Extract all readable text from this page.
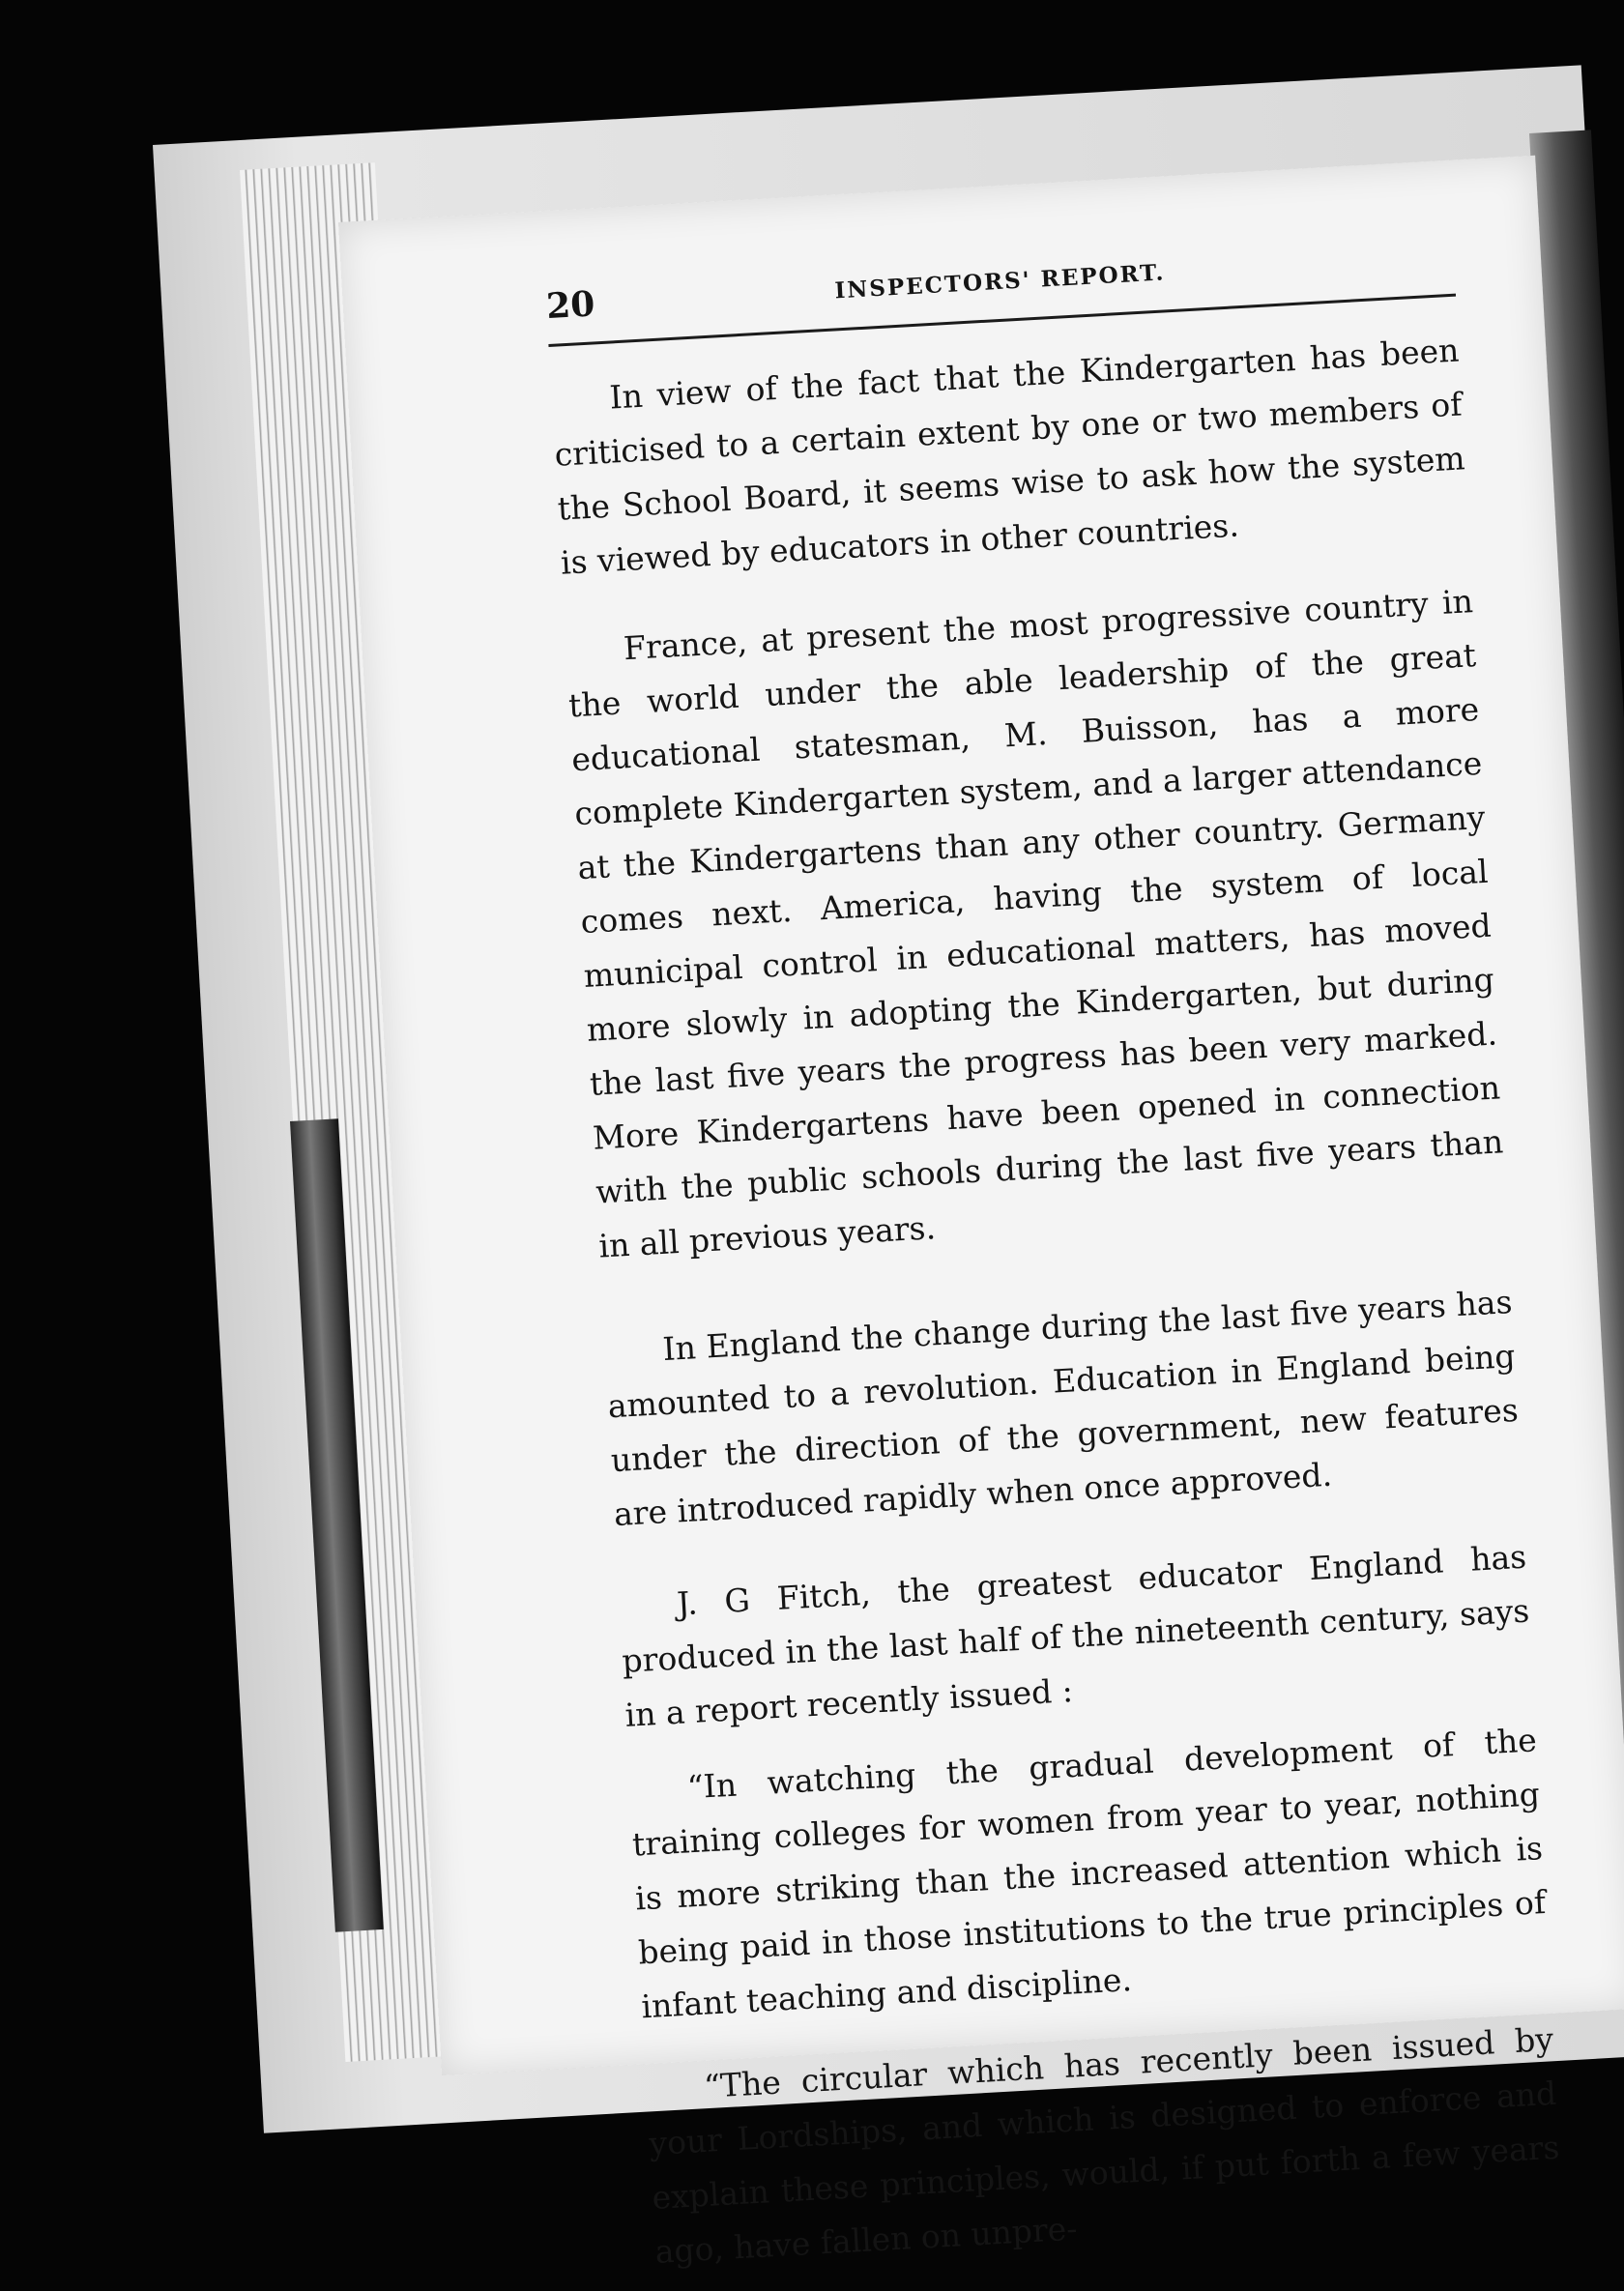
20
INSPECTORS' REPORT.

In view of the fact that the Kindergarten has been criticised to a certain extent by one or two members of the School Board, it seems wise to ask how the system is viewed by educators in other countries.

France, at present the most progressive country in the world under the able leadership of the great educational statesman, M. Buisson, has a more complete Kindergarten system, and a larger attendance at the Kindergartens than any other country. Germany comes next. America, having the system of local municipal control in educational matters, has moved more slowly in adopting the Kindergarten, but during the last five years the progress has been very marked. More Kindergartens have been opened in connection with the public schools during the last five years than in all previous years.

In England the change during the last five years has amounted to a revolution. Education in England being under the direction of the government, new features are introduced rapidly when once approved.

J. G Fitch, the greatest educator England has produced in the last half of the nineteenth century, says in a report recently issued :

“In watching the gradual development of the training colleges for women from year to year, nothing is more striking than the increased attention which is being paid in those institutions to the true principles of infant teaching and discipline.

“The circular which has recently been issued by your Lordships, and which is designed to enforce and explain these principles, would, if put forth a few years ago, have fallen on unpre-
